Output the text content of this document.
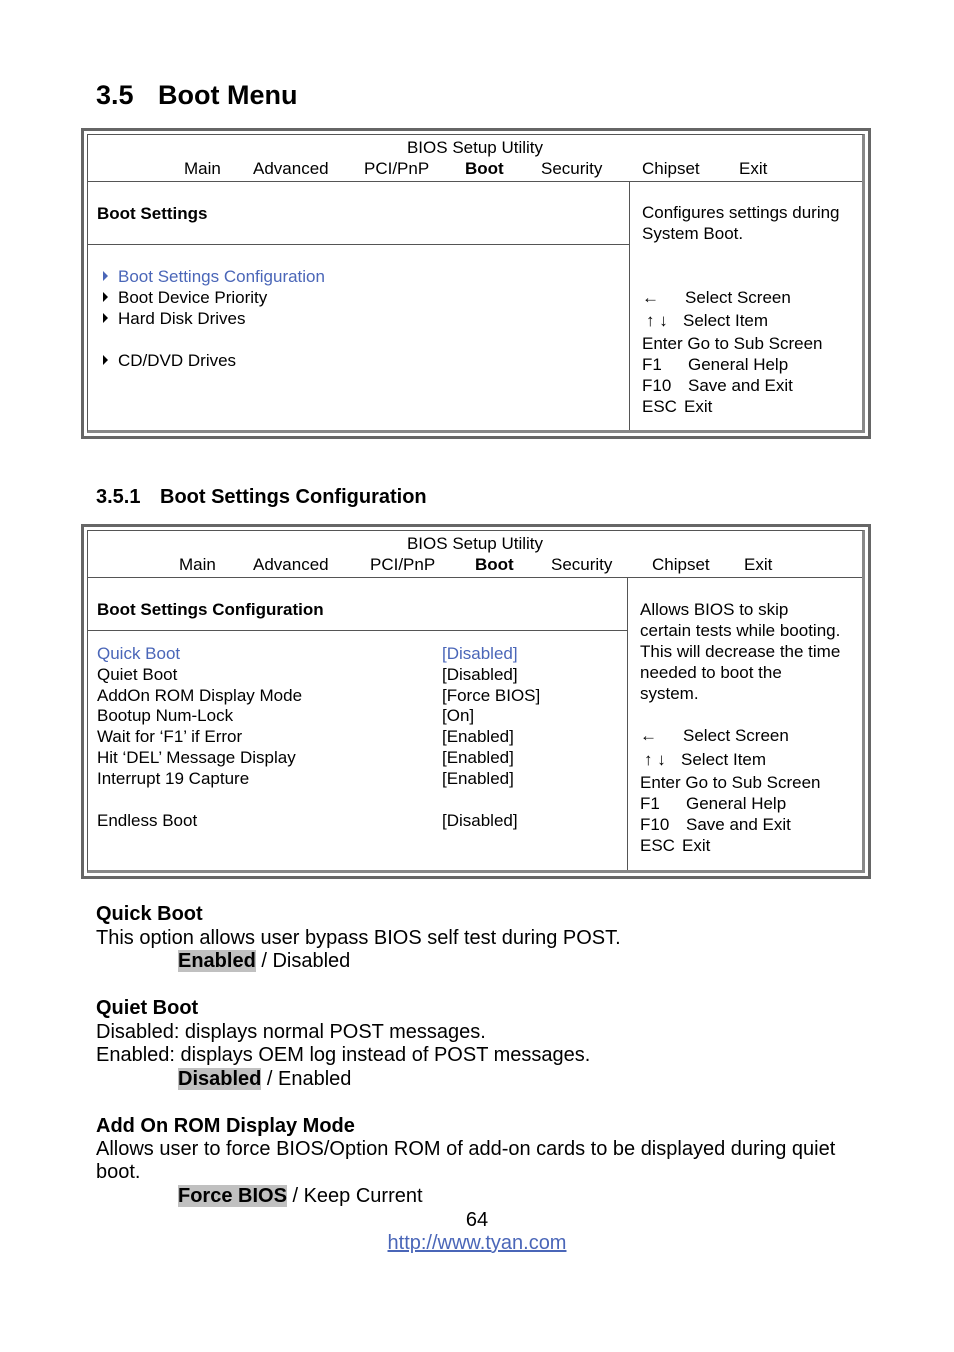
3.5 Boot Menu
BIOS Setup Utility
Main Advanced PCI/PnP Boot Security Chipset Exit
Boot Settings
Boot Settings Configuration
Boot Device Priority
Hard Disk Drives
CD/DVD Drives
Configures settings during
System Boot.
← Select Screen
↑ ↓ Select Item
Enter Go to Sub Screen
F1 General Help
F10 Save and Exit
ESC Exit
3.5.1 Boot Settings Configuration
BIOS Setup Utility
Main Advanced PCI/PnP Boot Security Chipset Exit
Boot Settings Configuration
Quick Boot	[Disabled]
Quiet Boot	[Disabled]
AddOn ROM Display Mode	[Force BIOS]
Bootup Num-Lock	[On]
Wait for ‘F1’ if Error	[Enabled]
Hit ‘DEL’ Message Display	[Enabled]
Interrupt 19 Capture	[Enabled]
Endless Boot	[Disabled]
Allows BIOS to skip
certain tests while booting.
This will decrease the time
needed to boot the
system.
← Select Screen
↑ ↓ Select Item
Enter Go to Sub Screen
F1 General Help
F10 Save and Exit
ESC Exit
Quick Boot
This option allows user bypass BIOS self test during POST.
Enabled / Disabled
Quiet Boot
Disabled: displays normal POST messages.
Enabled: displays OEM log instead of POST messages.
Disabled / Enabled
Add On ROM Display Mode
Allows user to force BIOS/Option ROM of add-on cards to be displayed during quiet
boot.
Force BIOS / Keep Current
64
http://www.tyan.com
